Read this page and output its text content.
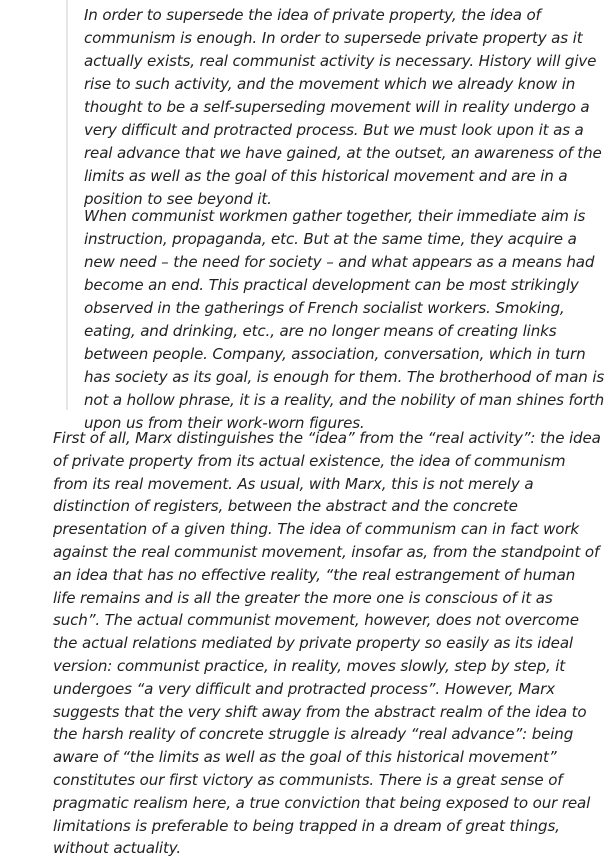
In order to supersede the idea of private property, the idea of communism is enough. In order to supersede private property as it actually exists, real communist activity is necessary. History will give rise to such activity, and the movement which we already know in thought to be a self-superseding movement will in reality undergo a very difficult and protracted process. But we must look upon it as a real advance that we have gained, at the outset, an awareness of the limits as well as the goal of this historical movement and are in a position to see beyond it.

When communist workmen gather together, their immediate aim is instruction, propaganda, etc. But at the same time, they acquire a new need – the need for society – and what appears as a means had become an end. This practical development can be most strikingly observed in the gatherings of French socialist workers. Smoking, eating, and drinking, etc., are no longer means of creating links between people. Company, association, conversation, which in turn has society as its goal, is enough for them. The brotherhood of man is not a hollow phrase, it is a reality, and the nobility of man shines forth upon us from their work-worn figures.

First of all, Marx distinguishes the “idea” from the “real activity”: the idea of private property from its actual existence, the idea of communism from its real movement. As usual, with Marx, this is not merely a distinction of registers, between the abstract and the concrete presentation of a given thing. The idea of communism can in fact work against the real communist movement, insofar as, from the standpoint of an idea that has no effective reality, “the real estrangement of human life remains and is all the greater the more one is conscious of it as such”. The actual communist movement, however, does not overcome the actual relations mediated by private property so easily as its ideal version: communist practice, in reality, moves slowly, step by step, it undergoes “a very difficult and protracted process”. However, Marx suggests that the very shift away from the abstract realm of the idea to the harsh reality of concrete struggle is already “real advance”: being aware of “the limits as well as the goal of this historical movement” constitutes our first victory as communists. There is a great sense of pragmatic realism here, a true conviction that being exposed to our real limitations is preferable to being trapped in a dream of great things, without actuality.
